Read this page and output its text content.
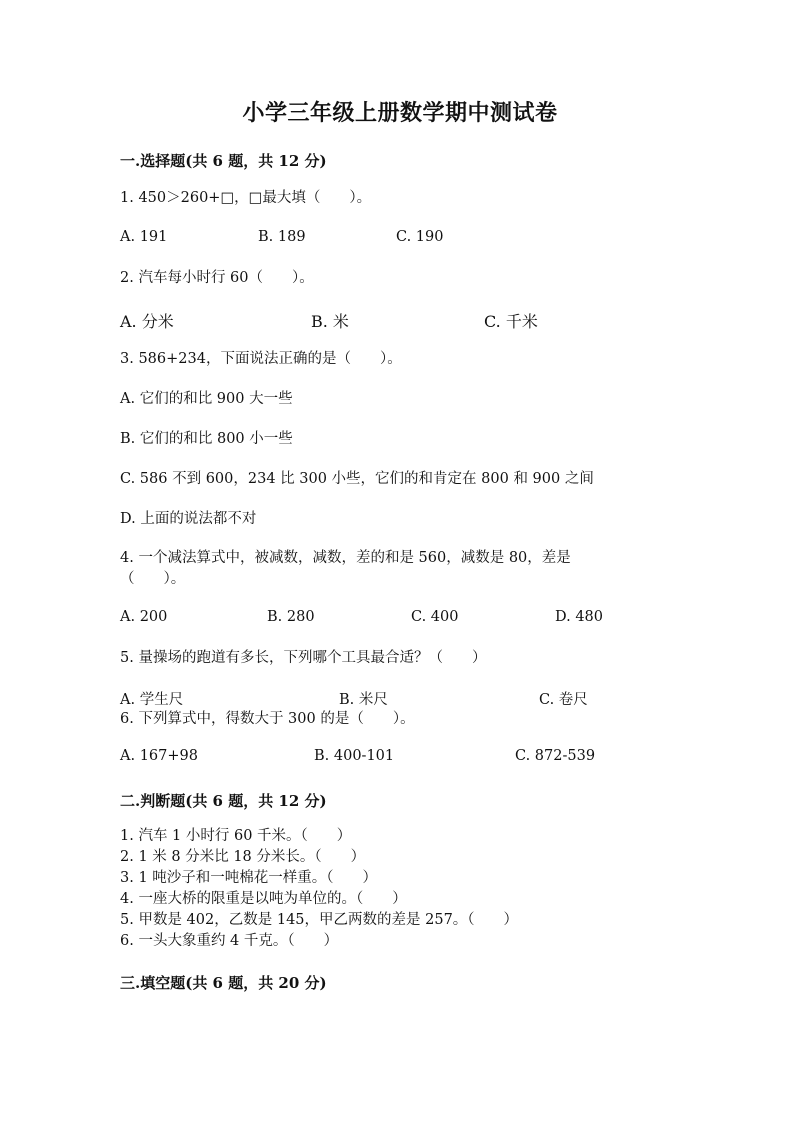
小学三年级上册数学期中测试卷
一.选择题(共 6 题，共 12 分)
1. 450＞260+□，□最大填（　　）。
A. 191	B. 189	C. 190
2. 汽车每小时行 60（　　）。
A. 分米	B. 米	C. 千米
3. 586+234，下面说法正确的是（　　）。
A. 它们的和比 900 大一些
B. 它们的和比 800 小一些
C. 586 不到 600，234 比 300 小些，它们的和肯定在 800 和 900 之间
D. 上面的说法都不对
4. 一个减法算式中，被减数，减数，差的和是 560，减数是 80，差是
（　　）。
A. 200	B. 280	C. 400	D. 480
5. 量操场的跑道有多长，下列哪个工具最合适？（　　）
A. 学生尺	B. 米尺	C. 卷尺
6. 下列算式中，得数大于 300 的是（　　）。
A. 167+98	B. 400-101	C. 872-539
二.判断题(共 6 题，共 12 分)
1. 汽车 1 小时行 60 千米。（　　）
2. 1 米 8 分米比 18 分米长。（　　）
3. 1 吨沙子和一吨棉花一样重。（　　）
4. 一座大桥的限重是以吨为单位的。（　　）
5. 甲数是 402，乙数是 145，甲乙两数的差是 257。（　　）
6. 一头大象重约 4 千克。（　　）
三.填空题(共 6 题，共 20 分)
